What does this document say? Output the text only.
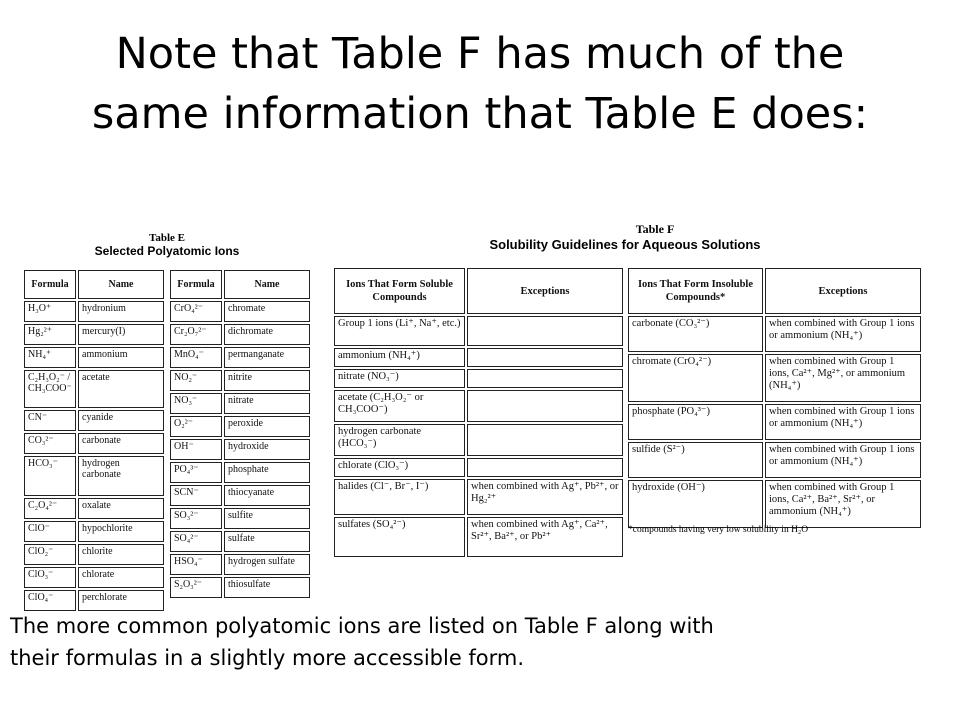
Note that Table F has much of the
same information that Table E does:
Table E
Selected Polyatomic Ions
Formula	Name
H₃O⁺	hydronium
Hg₂²⁺	mercury(I)
NH₄⁺	ammonium
C₂H₃O₂⁻ / CH₃COO⁻	acetate
CN⁻	cyanide
CO₃²⁻	carbonate
HCO₃⁻	hydrogen carbonate
C₂O₄²⁻	oxalate
ClO⁻	hypochlorite
ClO₂⁻	chlorite
ClO₃⁻	chlorate
ClO₄⁻	perchlorate
Formula	Name
CrO₄²⁻	chromate
Cr₂O₇²⁻	dichromate
MnO₄⁻	permanganate
NO₂⁻	nitrite
NO₃⁻	nitrate
O₂²⁻	peroxide
OH⁻	hydroxide
PO₄³⁻	phosphate
SCN⁻	thiocyanate
SO₃²⁻	sulfite
SO₄²⁻	sulfate
HSO₄⁻	hydrogen sulfate
S₂O₃²⁻	thiosulfate
Table F
Solubility Guidelines for Aqueous Solutions
Ions That Form Soluble Compounds	Exceptions
Group 1 ions (Li⁺, Na⁺, etc.)	
ammonium (NH₄⁺)	
nitrate (NO₃⁻)	
acetate (C₂H₃O₂⁻ or CH₃COO⁻)	
hydrogen carbonate (HCO₃⁻)	
chlorate (ClO₃⁻)	
halides (Cl⁻, Br⁻, I⁻)	when combined with Ag⁺, Pb²⁺, or Hg₂²⁺
sulfates (SO₄²⁻)	when combined with Ag⁺, Ca²⁺, Sr²⁺, Ba²⁺, or Pb²⁺
Ions That Form Insoluble Compounds*	Exceptions
carbonate (CO₃²⁻)	when combined with Group 1 ions or ammonium (NH₄⁺)
chromate (CrO₄²⁻)	when combined with Group 1 ions, Ca²⁺, Mg²⁺, or ammonium (NH₄⁺)
phosphate (PO₄³⁻)	when combined with Group 1 ions or ammonium (NH₄⁺)
sulfide (S²⁻)	when combined with Group 1 ions or ammonium (NH₄⁺)
hydroxide (OH⁻)	when combined with Group 1 ions, Ca²⁺, Ba²⁺, Sr²⁺, or ammonium (NH₄⁺)
*compounds having very low solubility in H₂O
The more common polyatomic ions are listed on Table F along with
their formulas in a slightly more accessible form.
